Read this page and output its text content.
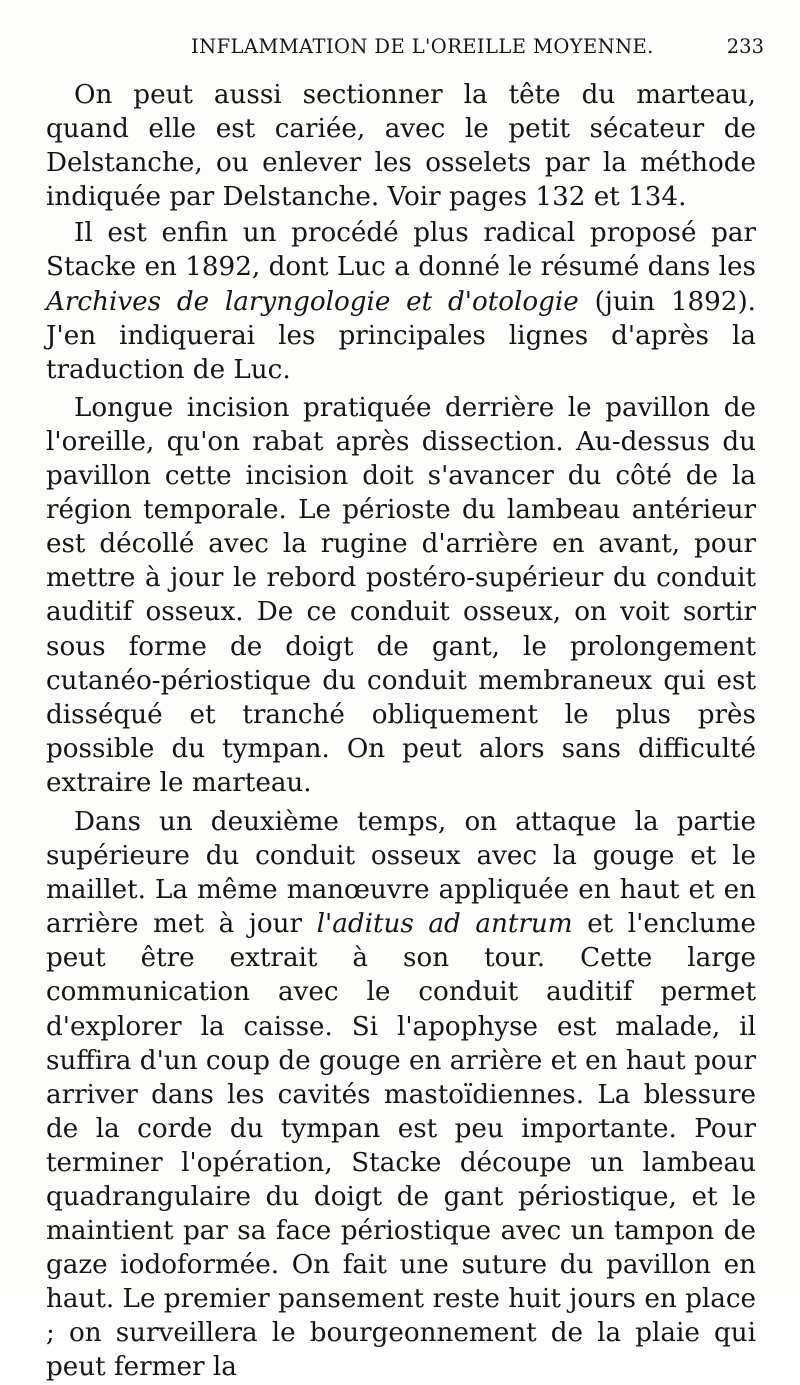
INFLAMMATION DE L'OREILLE MOYENNE.	233

On peut aussi sectionner la tête du marteau, quand elle est cariée, avec le petit sécateur de Delstanche, ou enlever les osselets par la méthode indiquée par Delstanche. Voir pages 132 et 134.

Il est enfin un procédé plus radical proposé par Stacke en 1892, dont Luc a donné le résumé dans les Archives de laryngologie et d'otologie (juin 1892). J'en indiquerai les principales lignes d'après la traduction de Luc.

Longue incision pratiquée derrière le pavillon de l'oreille, qu'on rabat après dissection. Au-dessus du pavillon cette incision doit s'avancer du côté de la région temporale. Le périoste du lambeau antérieur est décollé avec la rugine d'arrière en avant, pour mettre à jour le rebord postéro-supérieur du conduit auditif osseux. De ce conduit osseux, on voit sortir sous forme de doigt de gant, le prolongement cutanéo-périostique du conduit membraneux qui est disséqué et tranché obliquement le plus près possible du tympan. On peut alors sans difficulté extraire le marteau.

Dans un deuxième temps, on attaque la partie supérieure du conduit osseux avec la gouge et le maillet. La même manœuvre appliquée en haut et en arrière met à jour l'aditus ad antrum et l'enclume peut être extrait à son tour. Cette large communication avec le conduit auditif permet d'explorer la caisse. Si l'apophyse est malade, il suffira d'un coup de gouge en arrière et en haut pour arriver dans les cavités mastoïdiennes. La blessure de la corde du tympan est peu importante. Pour terminer l'opération, Stacke découpe un lambeau quadrangulaire du doigt de gant périostique, et le maintient par sa face périostique avec un tampon de gaze iodoformée. On fait une suture du pavillon en haut. Le premier pansement reste huit jours en place ; on surveillera le bourgeonnement de la plaie qui peut fermer la
